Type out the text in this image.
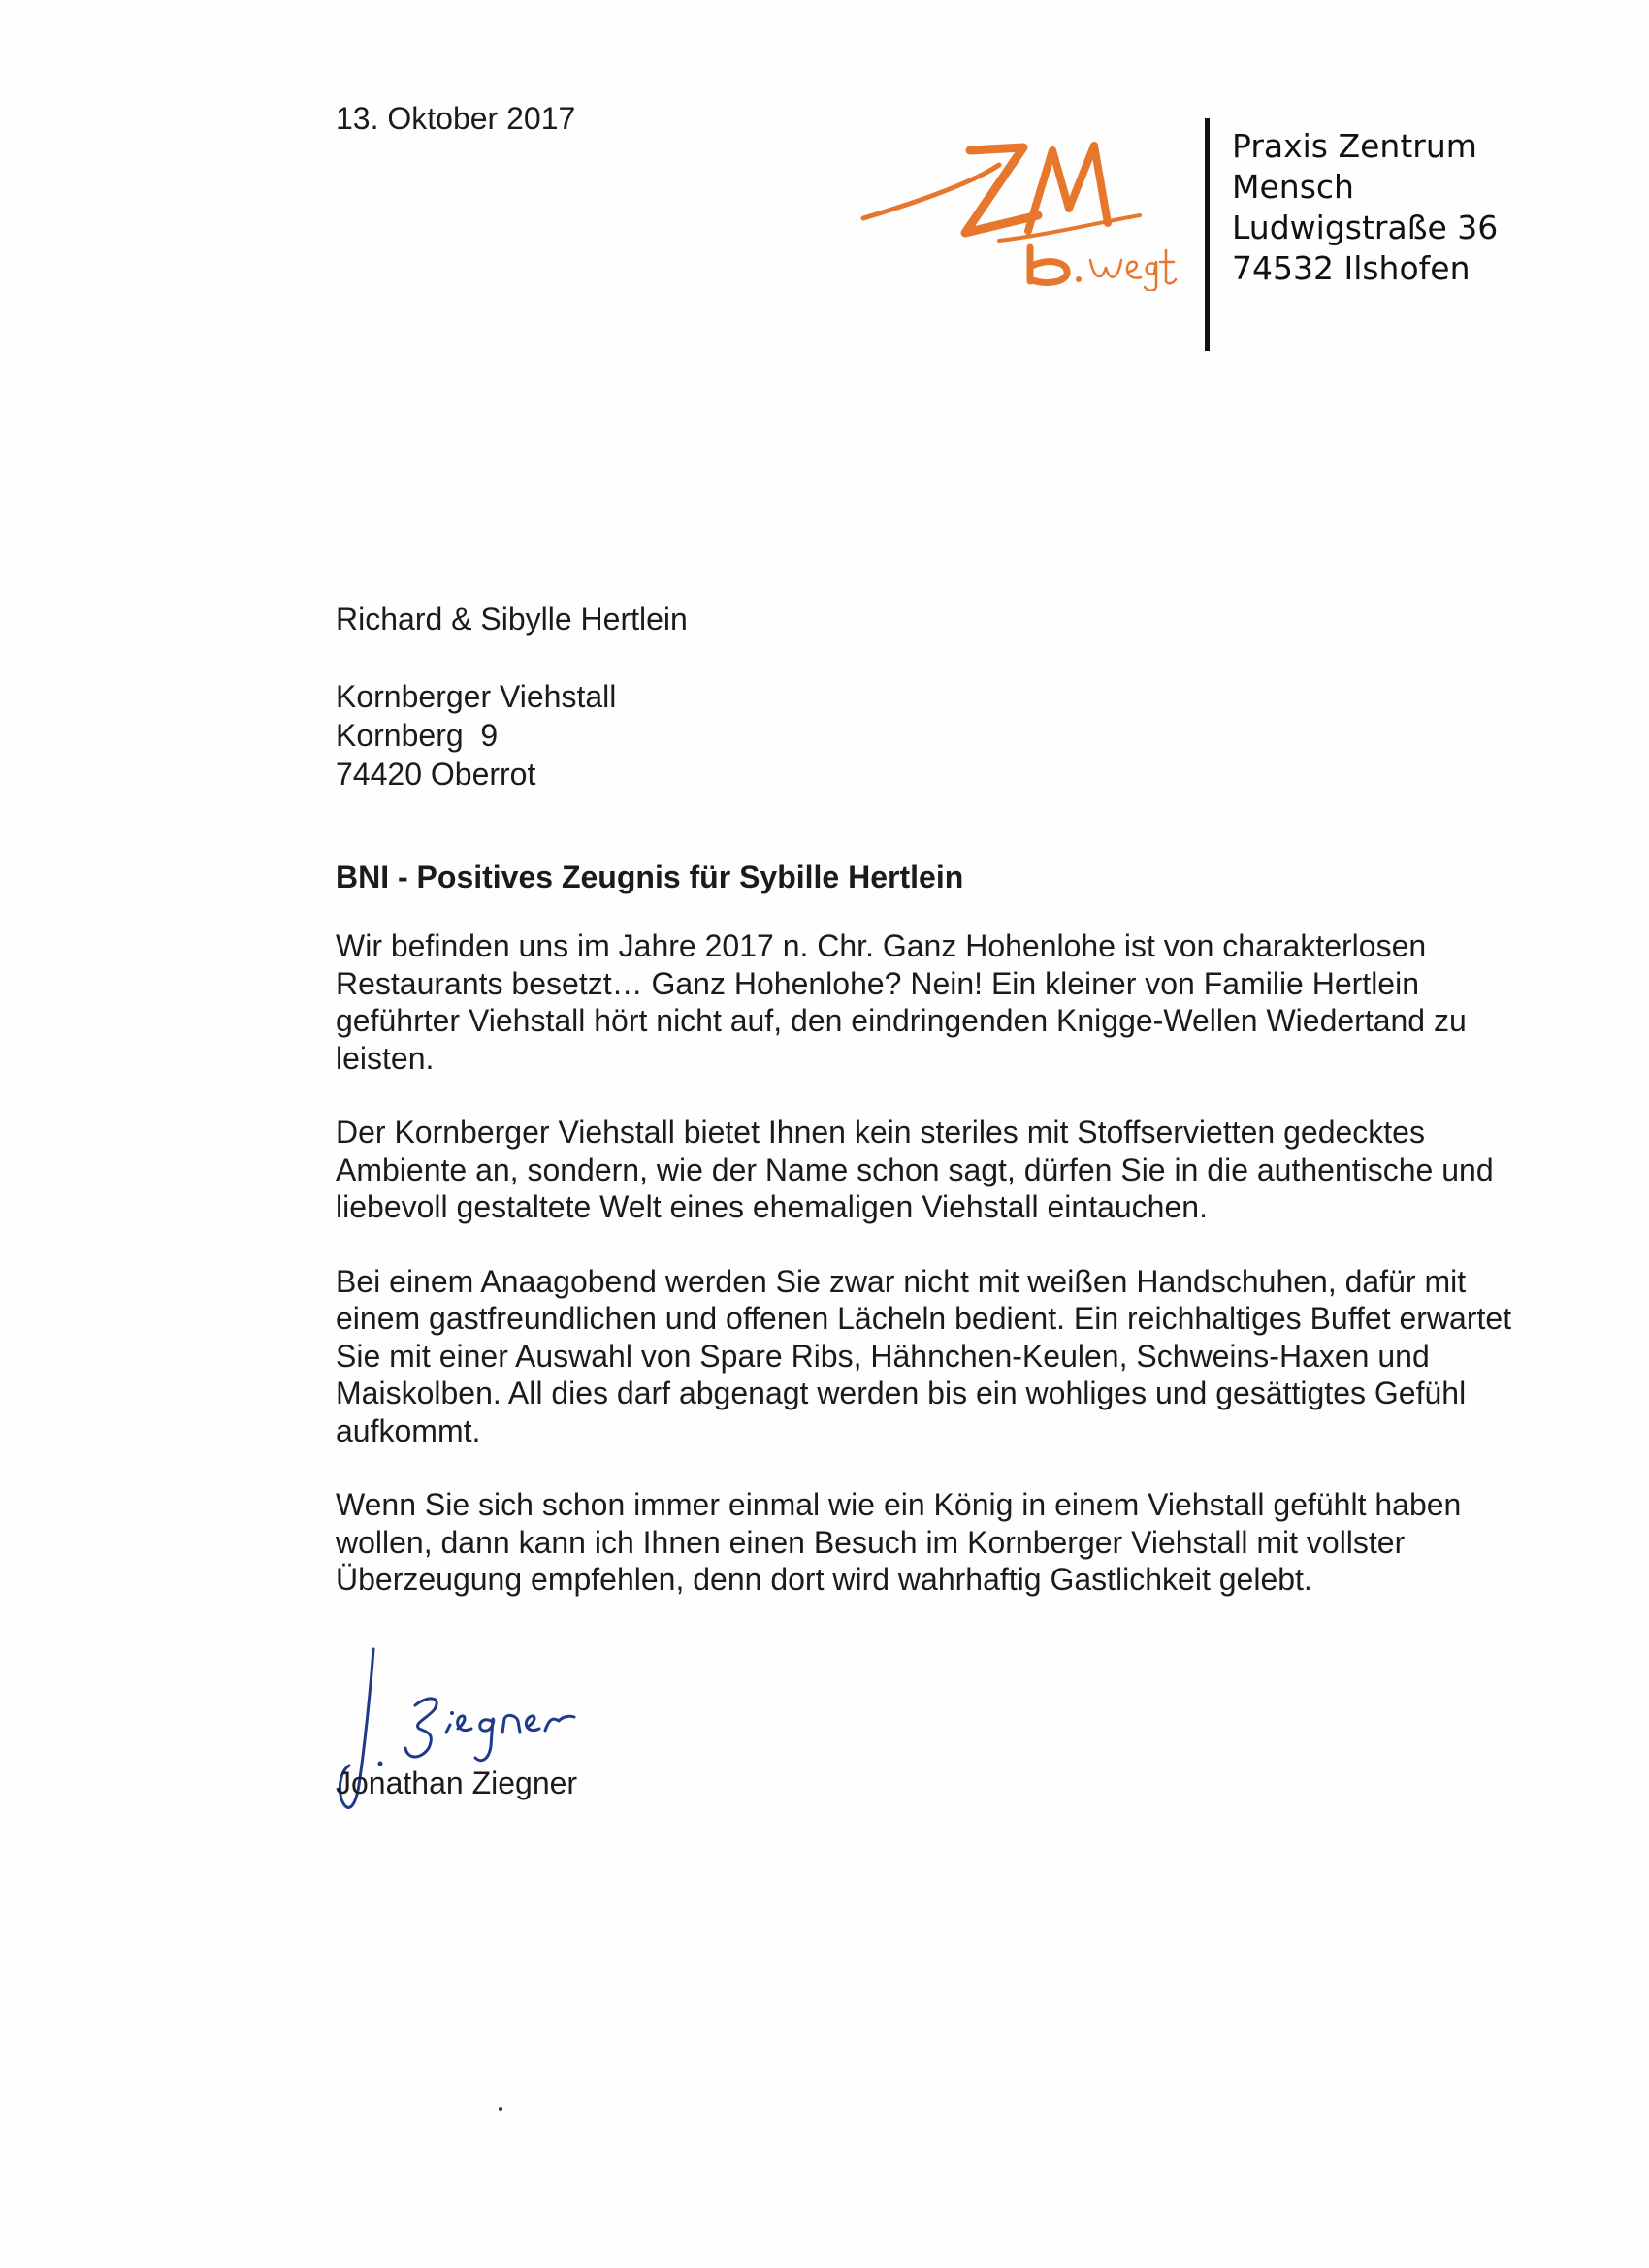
13. Oktober 2017
Praxis Zentrum
Mensch
Ludwigstraße 36
74532 Ilshofen
Richard & Sibylle Hertlein
Kornberger Viehstall
Kornberg  9
74420 Oberrot
BNI - Positives Zeugnis für Sybille Hertlein

Wir befinden uns im Jahre 2017 n. Chr. Ganz Hohenlohe ist von charakterlosen Restaurants besetzt… Ganz Hohenlohe? Nein! Ein kleiner von Familie Hertlein geführter Viehstall hört nicht auf, den eindringenden Knigge-Wellen Wiedertand zu leisten.

Der Kornberger Viehstall bietet Ihnen kein steriles mit Stoffservietten gedecktes Ambiente an, sondern, wie der Name schon sagt, dürfen Sie in die authentische und liebevoll gestaltete Welt eines ehemaligen Viehstall eintauchen.

Bei einem Anaagobend werden Sie zwar nicht mit weißen Handschuhen, dafür mit einem gastfreundlichen und offenen Lächeln bedient. Ein reichhaltiges Buffet erwartet Sie mit einer Auswahl von Spare Ribs, Hähnchen-Keulen, Schweins-Haxen und Maiskolben. All dies darf abgenagt werden bis ein wohliges und gesättigtes Gefühl aufkommt.

Wenn Sie sich schon immer einmal wie ein König in einem Viehstall gefühlt haben wollen, dann kann ich Ihnen einen Besuch im Kornberger Viehstall mit vollster Überzeugung empfehlen, denn dort wird wahrhaftig Gastlichkeit gelebt.

Jonathan Ziegner
